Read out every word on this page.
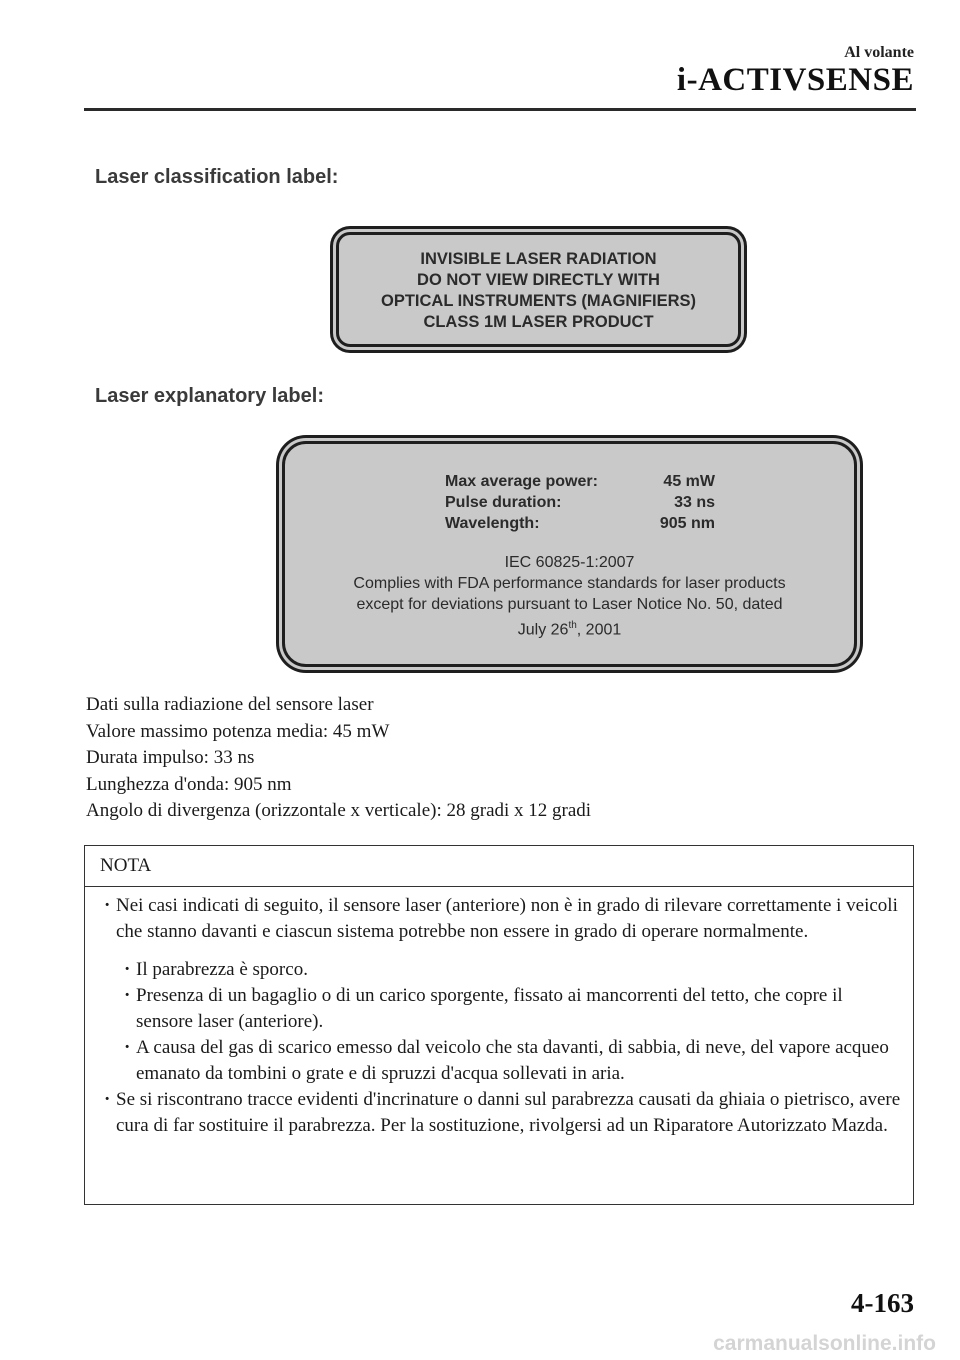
Al volante
i-ACTIVSENSE
Laser classification label:
INVISIBLE LASER RADIATION
DO NOT VIEW DIRECTLY WITH
OPTICAL INSTRUMENTS (MAGNIFIERS)
CLASS 1M LASER PRODUCT
Laser explanatory label:
Max average power:	45 mW
Pulse duration:	33 ns
Wavelength:	905 nm
IEC 60825-1:2007
Complies with FDA performance standards for laser products
except for deviations pursuant to Laser Notice No. 50, dated
July 26th, 2001
Dati sulla radiazione del sensore laser
Valore massimo potenza media: 45 mW
Durata impulso: 33 ns
Lunghezza d'onda: 905 nm
Angolo di divergenza (orizzontale x verticale): 28 gradi x 12 gradi
NOTA
· Nei casi indicati di seguito, il sensore laser (anteriore) non è in grado di rilevare correttamente i veicoli che stanno davanti e ciascun sistema potrebbe non essere in grado di operare normalmente.
· Il parabrezza è sporco.
· Presenza di un bagaglio o di un carico sporgente, fissato ai mancorrenti del tetto, che copre il sensore laser (anteriore).
· A causa del gas di scarico emesso dal veicolo che sta davanti, di sabbia, di neve, del vapore acqueo emanato da tombini o grate e di spruzzi d'acqua sollevati in aria.
· Se si riscontrano tracce evidenti d'incrinature o danni sul parabrezza causati da ghiaia o pietrisco, avere cura di far sostituire il parabrezza. Per la sostituzione, rivolgersi ad un Riparatore Autorizzato Mazda.
4-163
carmanualsonline.info
